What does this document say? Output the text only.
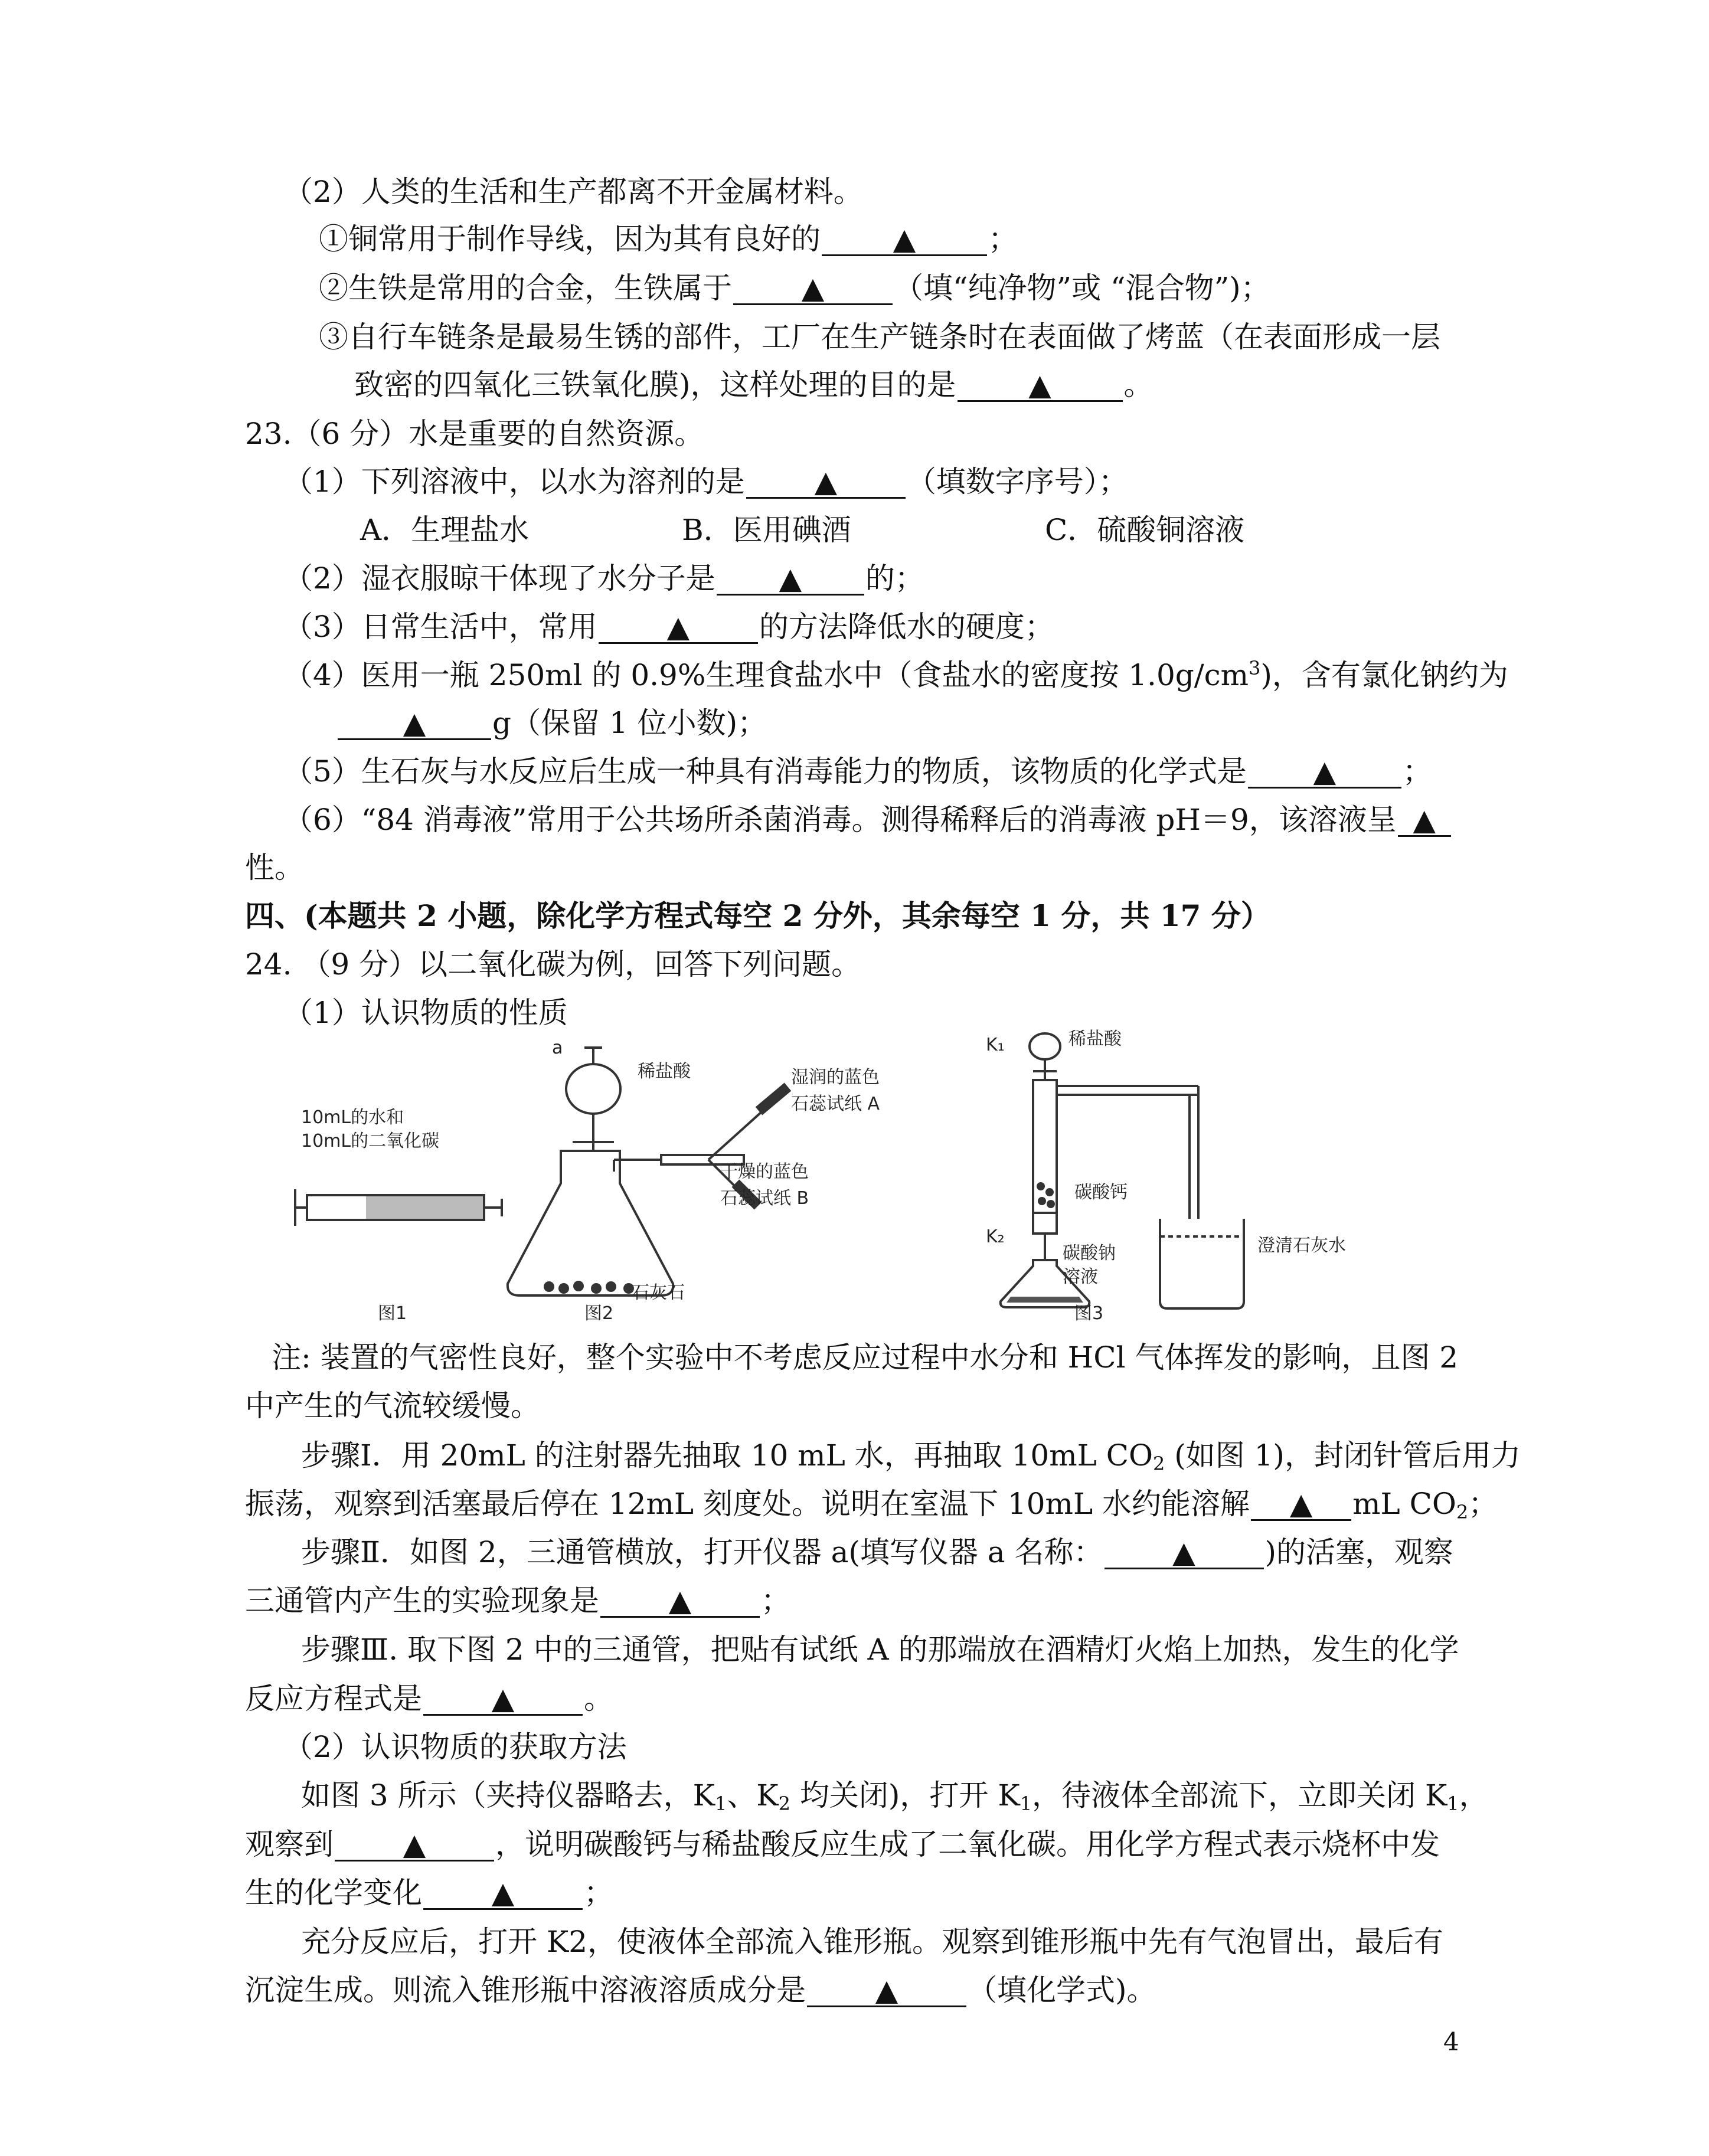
（2）人类的生活和生产都离不开金属材料。
①铜常用于制作导线，因为其有良好的 ▲ ；
②生铁是常用的合金，生铁属于 ▲ （填“纯净物”或 “混合物”)；
③自行车链条是最易生锈的部件，工厂在生产链条时在表面做了烤蓝（在表面形成一层
致密的四氧化三铁氧化膜)，这样处理的目的是 ▲ 。
23.（6 分）水是重要的自然资源。
（1）下列溶液中，以水为溶剂的是 ▲ （填数字序号）；
A．生理盐水	B．医用碘酒	C．硫酸铜溶液
（2）湿衣服晾干体现了水分子是 ▲ 的；
（3）日常生活中，常用 ▲ 的方法降低水的硬度；
（4）医用一瓶 250ml 的 0.9%生理食盐水中（食盐水的密度按 $1.0g/cm^3$)，含有氯化钠约为
▲ g（保留 1 位小数)；
（5）生石灰与水反应后生成一种具有消毒能力的物质，该物质的化学式是 ▲ ；
（6）“84 消毒液”常用于公共场所杀菌消毒。测得稀释后的消毒液 pH＝9，该溶液呈 ▲
性。
四、(本题共 2 小题，除化学方程式每空 2 分外，其余每空 1 分，共 17 分）
24. （9 分）以二氧化碳为例，回答下列问题。
（1）认识物质的性质
10mL的水和
10mL的二氧化碳
图1
a
稀盐酸	湿润的蓝色
石蕊试纸 A
干燥的蓝色
石蕊试纸 B
石灰石
图2
K₁	稀盐酸
碳酸钙
K₂
碳酸钠
溶液
澄清石灰水
图3
注: 装置的气密性良好，整个实验中不考虑反应过程中水分和 HCl 气体挥发的影响，且图 2
中产生的气流较缓慢。
步骤Ⅰ．用 20mL 的注射器先抽取 10 mL 水，再抽取 10mL $CO_2$ (如图 1)，封闭针管后用力
振荡，观察到活塞最后停在 12mL 刻度处。说明在室温下 10mL 水约能溶解 ▲ mL $CO_2$；
步骤Ⅱ．如图 2，三通管横放，打开仪器 a(填写仪器 a 名称： ▲ )的活塞，观察
三通管内产生的实验现象是 ▲ ；
步骤Ⅲ. 取下图 2 中的三通管，把贴有试纸 A 的那端放在酒精灯火焰上加热，发生的化学
反应方程式是 ▲ 。
（2）认识物质的获取方法
如图 3 所示（夹持仪器略去，$K_1$、$K_2$ 均关闭)，打开 $K_1$，待液体全部流下，立即关闭 $K_1$，
观察到 ▲ ，说明碳酸钙与稀盐酸反应生成了二氧化碳。用化学方程式表示烧杯中发
生的化学变化 ▲ ；
充分反应后，打开 K2，使液体全部流入锥形瓶。观察到锥形瓶中先有气泡冒出，最后有
沉淀生成。则流入锥形瓶中溶液溶质成分是 ▲ （填化学式)。
4
